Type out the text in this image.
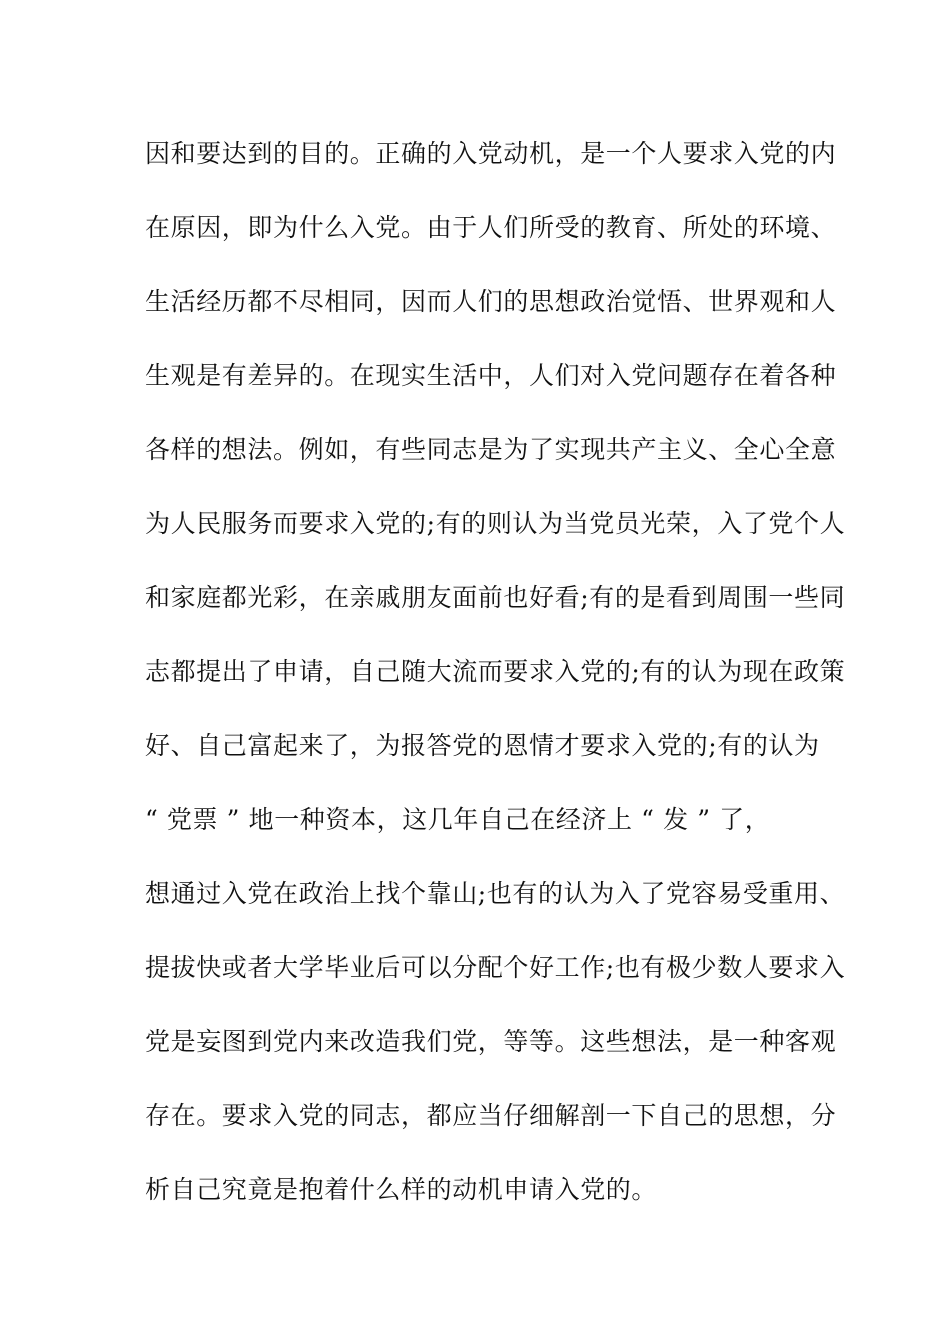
因和要达到的目的。正确的入党动机，是一个人要求入党的内
在原因，即为什么入党。由于人们所受的教育、所处的环境、
生活经历都不尽相同，因而人们的思想政治觉悟、世界观和人
生观是有差异的。在现实生活中，人们对入党问题存在着各种
各样的想法。例如，有些同志是为了实现共产主义、全心全意
为人民服务而要求入党的;有的则认为当党员光荣，入了党个人
和家庭都光彩，在亲戚朋友面前也好看;有的是看到周围一些同
志都提出了申请，自己随大流而要求入党的;有的认为现在政策
好、自己富起来了，为报答党的恩情才要求入党的;有的认为
“ 党票 ” 地一种资本，这几年自己在经济上 “ 发 ” 了，
想通过入党在政治上找个靠山;也有的认为入了党容易受重用、
提拔快或者大学毕业后可以分配个好工作;也有极少数人要求入
党是妄图到党内来改造我们党，等等。这些想法，是一种客观
存在。要求入党的同志，都应当仔细解剖一下自己的思想，分
析自己究竟是抱着什么样的动机申请入党的。
